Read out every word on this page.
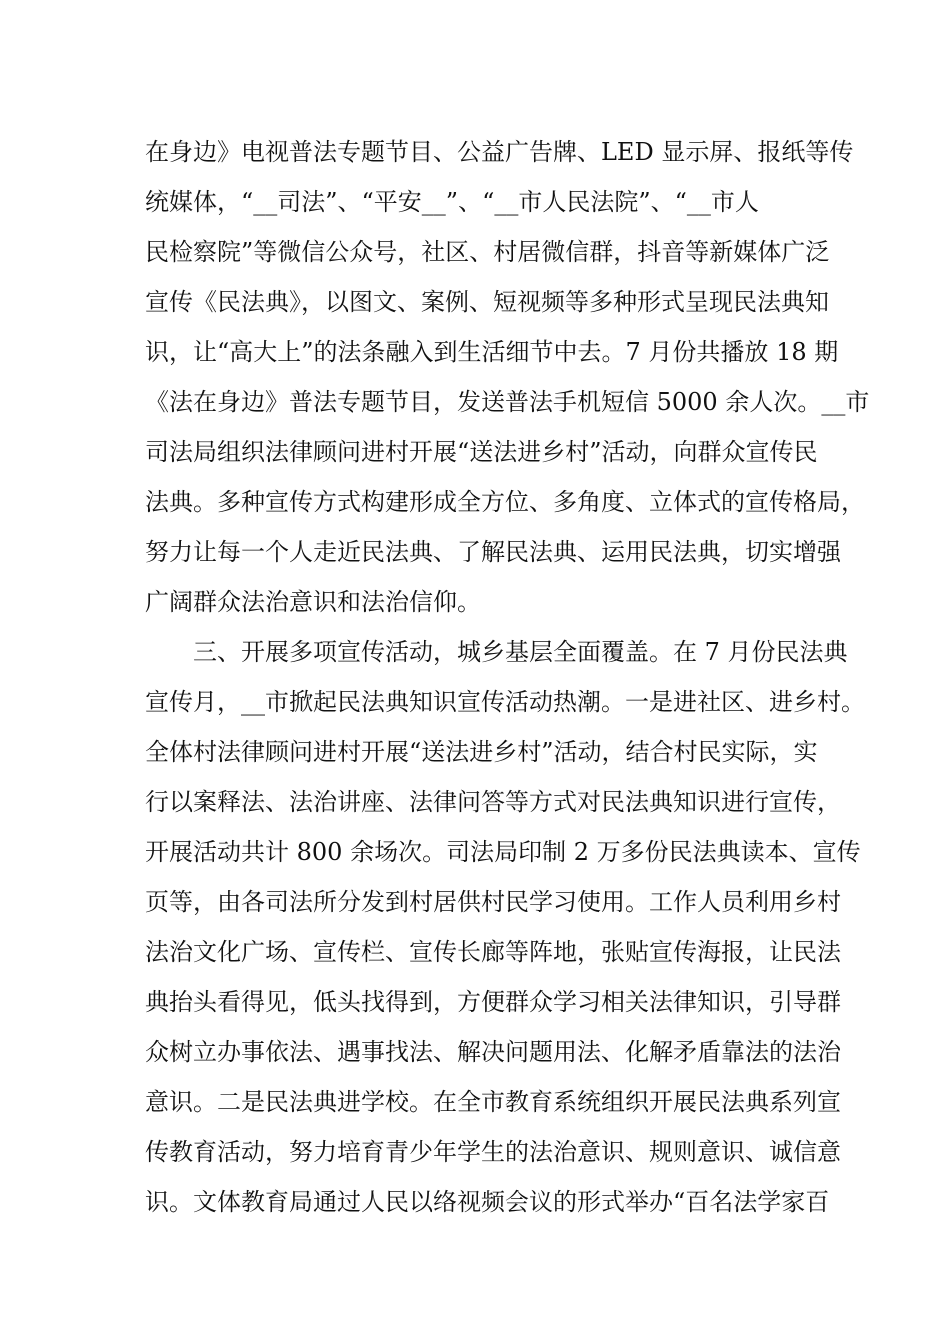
在身边》电视普法专题节目、公益广告牌、LED 显示屏、报纸等传
统媒体，“__司法”、“平安__”、“__市人民法院”、“__市人
民检察院”等微信公众号，社区、村居微信群，抖音等新媒体广泛
宣传《民法典》，以图文、案例、短视频等多种形式呈现民法典知
识，让“高大上”的法条融入到生活细节中去。7 月份共播放 18 期
《法在身边》普法专题节目，发送普法手机短信 5000 余人次。__市
司法局组织法律顾问进村开展“送法进乡村”活动，向群众宣传民
法典。多种宣传方式构建形成全方位、多角度、立体式的宣传格局，
努力让每一个人走近民法典、了解民法典、运用民法典，切实增强
广阔群众法治意识和法治信仰。
　　三、开展多项宣传活动，城乡基层全面覆盖。在 7 月份民法典
宣传月，__市掀起民法典知识宣传活动热潮。一是进社区、进乡村。
全体村法律顾问进村开展“送法进乡村”活动，结合村民实际，实
行以案释法、法治讲座、法律问答等方式对民法典知识进行宣传，
开展活动共计 800 余场次。司法局印制 2 万多份民法典读本、宣传
页等，由各司法所分发到村居供村民学习使用。工作人员利用乡村
法治文化广场、宣传栏、宣传长廊等阵地，张贴宣传海报，让民法
典抬头看得见，低头找得到，方便群众学习相关法律知识，引导群
众树立办事依法、遇事找法、解决问题用法、化解矛盾靠法的法治
意识。二是民法典进学校。在全市教育系统组织开展民法典系列宣
传教育活动，努力培育青少年学生的法治意识、规则意识、诚信意
识。文体教育局通过人民以络视频会议的形式举办“百名法学家百
